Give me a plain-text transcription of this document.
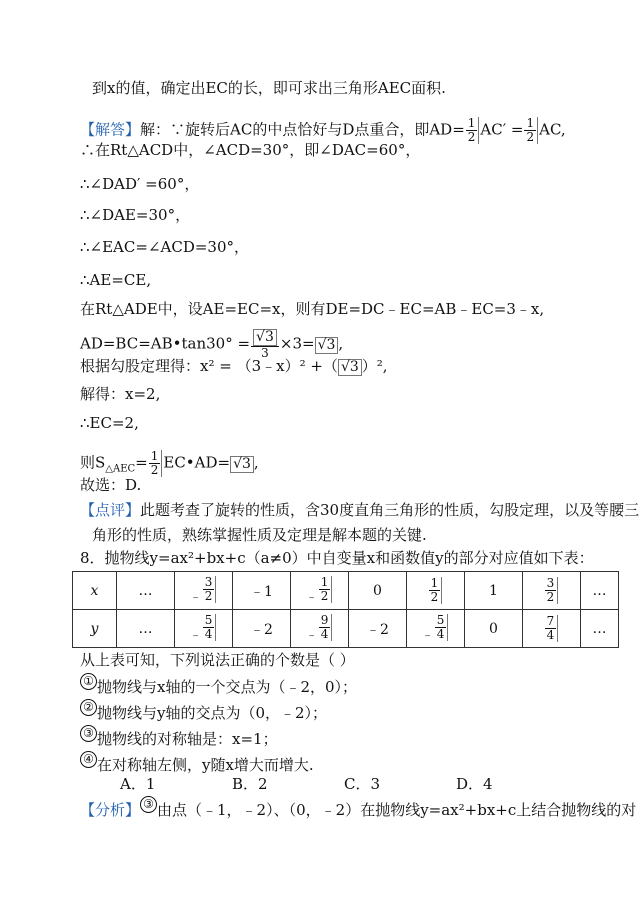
到x的值，确定出EC的长，即可求出三角形AEC面积.
【解答】解：∵旋转后AC的中点恰好与D点重合，即$AD= \frac{1}{2} AC' = \frac{1}{2}$ AC,
∴在Rt△ACD中，∠ACD=30°，即∠DAC=60°，
∴∠DAD′ =60°，
∴∠DAE=30°，
∴∠EAC=∠ACD=30°，
∴AE=CE,
在Rt△ADE中，设AE=EC=x，则有DE=DC﹣EC=AB﹣EC=3﹣x,
AD=BC=AB•tan30° = $\frac{√3}{3} \times 3= √3$ ,
根据勾股定理得：x² = （3﹣x）² +（ √3 ）²,
解得：x=2,
∴EC=2,
则$S_{\triangle AEC}= \frac{1}{2}$ EC•AD= √3 ,
故选：D.
【点评】此题考查了旋转的性质，含30度直角三角形的性质，勾股定理，以及等腰三
角形的性质，熟练掌握性质及定理是解本题的关键.
8．抛物线y=ax²+bx+c（a≠0）中自变量x和函数值y的部分对应值如下表：
x	…	﹣ $\frac{3}{2}$	﹣1	﹣ $\frac{1}{2}$	0	$\frac{1}{2}$	1	$\frac{3}{2}$	…
y	…	﹣ $\frac{5}{4}$	﹣2	﹣ $\frac{9}{4}$	﹣2	﹣ $\frac{5}{4}$	0	$\frac{7}{4}$	…
从上表可知，下列说法正确的个数是（ ）
① 抛物线与x轴的一个交点为（﹣2，0）；
② 抛物线与y轴的交点为（0，﹣2）；
③ 抛物线的对称轴是：x=1；
④ 在对称轴左侧，y随x增大而增大.
A．1	B．2	C．3	D．4
【分析】 ③ 由点（﹣1，﹣2）、（0，﹣2）在抛物线y=ax²+bx+c上结合抛物线的对
